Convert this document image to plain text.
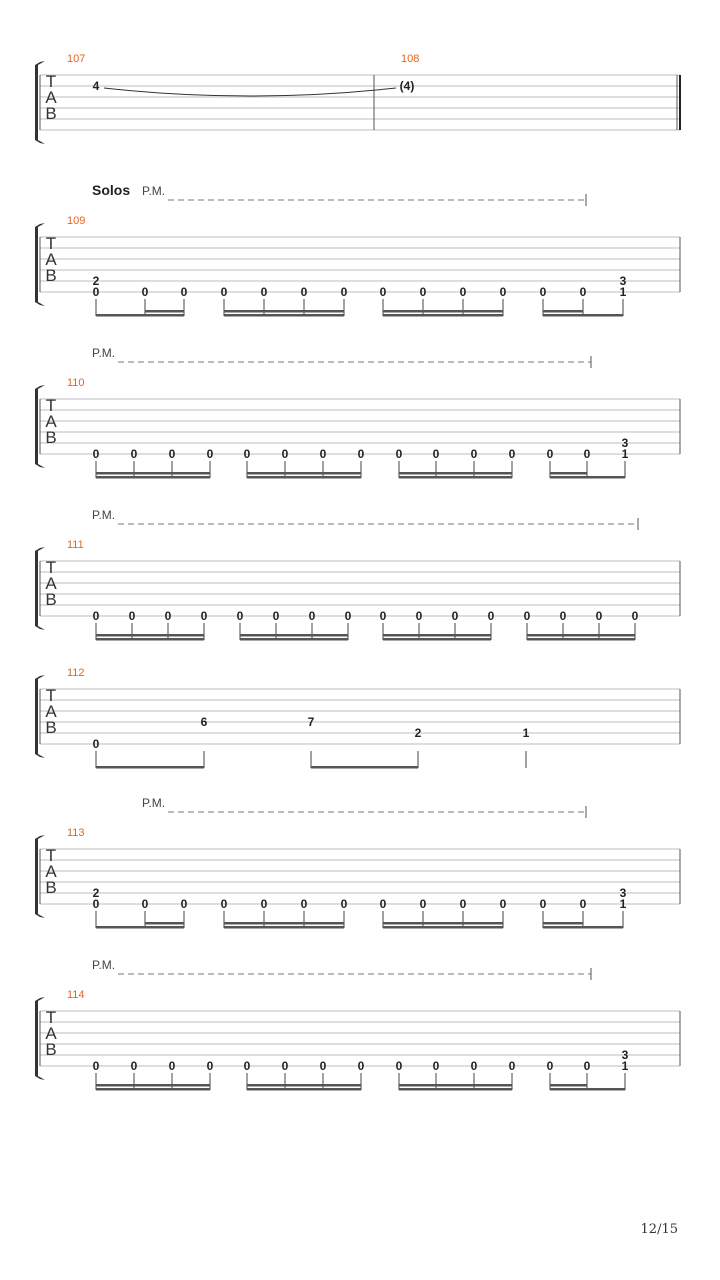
T
A
B
107
4
108
(4)
Solos P.M.
T
A
B
109
2
0	0	0	0	0	0	0	0	0	0	0	0	0
3
1
P.M.
T
A
B
110
0	0	0	0	0	0	0	0	0	0	0	0	0	0
3
1
P.M.
T
A
B
111
0 0 0 0 0 0 0 0 0 0 0 0 0 0 0 0
T
A
B
112
0
6	7
2	1
P.M.
T
A
B
113
2
0	0	0	0	0	0	0	0	0	0	0	0	0
3
1
P.M.
T
A
B
114
0	0	0	0	0	0	0	0	0	0	0	0	0	0
3
1
12/15
